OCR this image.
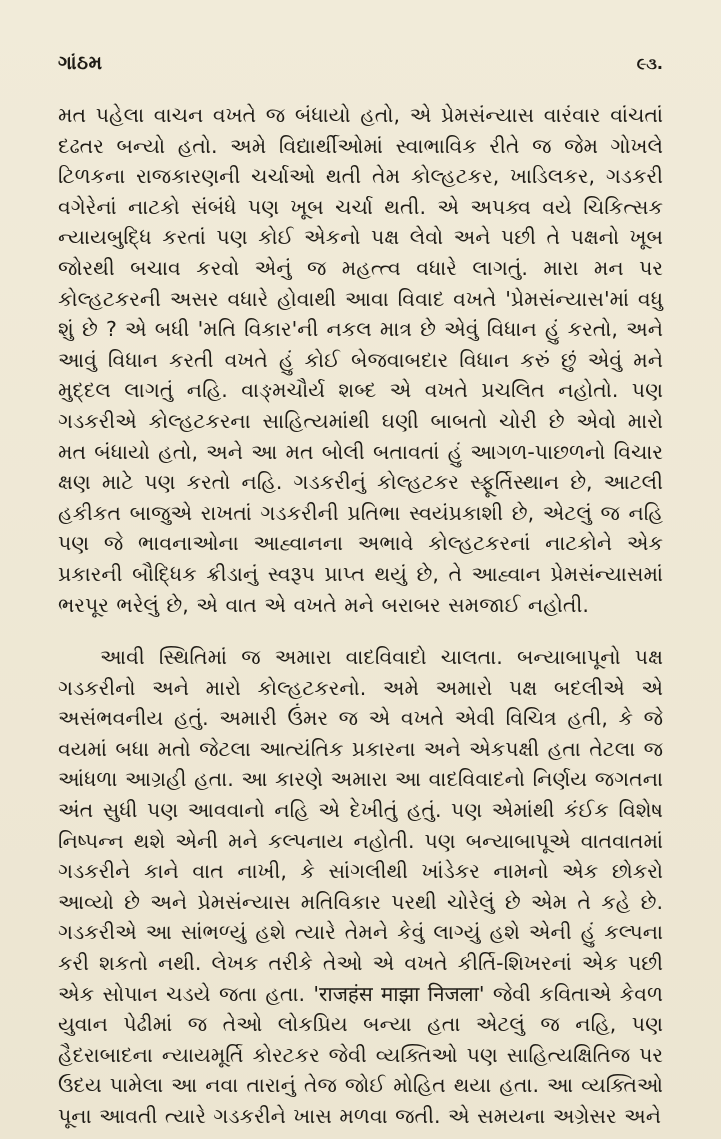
ગાંઠમ	૯૩.

મત પહેલા વાચન વખતે જ બંધાયો હતો, એ પ્રેમસંન્યાસ વારંવાર વાંચતાં દઢતર બન્યો હતો. અમે વિદ્યાર્થીઓમાં સ્વાભાવિક રીતે જ જેમ ગોખલે ટિળકના રાજકારણની ચર્ચાઓ થતી તેમ કોલ્હટકર, ખાડિલકર, ગડકરી વગેરેનાં નાટકો સંબંધે પણ ખૂબ ચર્ચા થતી. એ અપક્વ વયે ચિકિત્સક ન્યાયબુદ્ધિ કરતાં પણ કોઈ એકનો પક્ષ લેવો અને પછી તે પક્ષનો ખૂબ જોરથી બચાવ કરવો એનું જ મહત્ત્વ વધારે લાગતું. મારા મન પર કોલ્હટકરની અસર વધારે હોવાથી આવા વિવાદ વખતે 'પ્રેમસંન્યાસ'માં વધુ શું છે ? એ બધી 'મતિ વિકાર'ની નકલ માત્ર છે એવું વિધાન હું કરતો, અને આવું વિધાન કરતી વખતે હું કોઈ બેજવાબદાર વિધાન કરું છું એવું મને મુદ્દલ લાગતું નહિ. વાઙ્મચૌર્ય શબ્દ એ વખતે પ્રચલિત નહોતો. પણ ગડકરીએ કોલ્હટકરના સાહિત્યમાંથી ઘણી બાબતો ચોરી છે એવો મારો મત બંધાયો હતો, અને આ મત બોલી બતાવતાં હું આગળ-પાછળનો વિચાર ક્ષણ માટે પણ કરતો નહિ. ગડકરીનું કોલ્હટકર સ્ફૂર્તિસ્થાન છે, આટલી હકીકત બાજુએ રાખતાં ગડકરીની પ્રતિભા સ્વયંપ્રકાશી છે, એટલું જ નહિ પણ જે ભાવનાઓના આહ્વાનના અભાવે કોલ્હટકરનાં નાટકોને એક પ્રકારની બૌદ્ધિક ક્રીડાનું સ્વરૂપ પ્રાપ્ત થયું છે, તે આહ્વાન પ્રેમસંન્યાસમાં ભરપૂર ભરેલું છે, એ વાત એ વખતે મને બરાબર સમજાઈ નહોતી.

આવી સ્થિતિમાં જ અમારા વાદવિવાદો ચાલતા. બન્યાબાપૂનો પક્ષ ગડકરીનો અને મારો કોલ્હટકરનો. અમે અમારો પક્ષ બદલીએ એ અસંભવનીય હતું. અમારી ઉંમર જ એ વખતે એવી વિચિત્ર હતી, કે જે વયમાં બધા મતો જેટલા આત્યંતિક પ્રકારના અને એકપક્ષી હતા તેટલા જ આંધળા આગ્રહી હતા. આ કારણે અમારા આ વાદવિવાદનો નિર્ણય જગતના અંત સુધી પણ આવવાનો નહિ એ દેખીતું હતું. પણ એમાંથી કંઈક વિશેષ નિષ્પન્ન થશે એની મને કલ્પનાય નહોતી. પણ બન્યાબાપૂએ વાતવાતમાં ગડકરીને કાને વાત નાખી, કે સાંગલીથી ખાંડેકર નામનો એક છોકરો આવ્યો છે અને પ્રેમસંન્યાસ મતિવિકાર પરથી ચોરેલું છે એમ તે કહે છે. ગડકરીએ આ સાંભળ્યું હશે ત્યારે તેમને કેવું લાગ્યું હશે એની હું કલ્પના કરી શકતો નથી. લેખક તરીકે તેઓ એ વખતે કીર્તિ-શિખરનાં એક પછી એક સોપાન ચડયે જતા હતા. 'राजहंस माझा निजला' જેવી કવિતાએ કેવળ યુવાન પેઢીમાં જ તેઓ લોકપ્રિય બન્યા હતા એટલું જ નહિ, પણ હૈદરાબાદના ન્યાયમૂર્તિ કોરટકર જેવી વ્યક્તિઓ પણ સાહિત્યક્ષિતિજ પર ઉદય પામેલા આ નવા તારાનું તેજ જોઈ મોહિત થયા હતા. આ વ્યક્તિઓ પૂના આવતી ત્યારે ગડકરીને ખાસ મળવા જતી. એ સમયના અગ્રેસર અને
